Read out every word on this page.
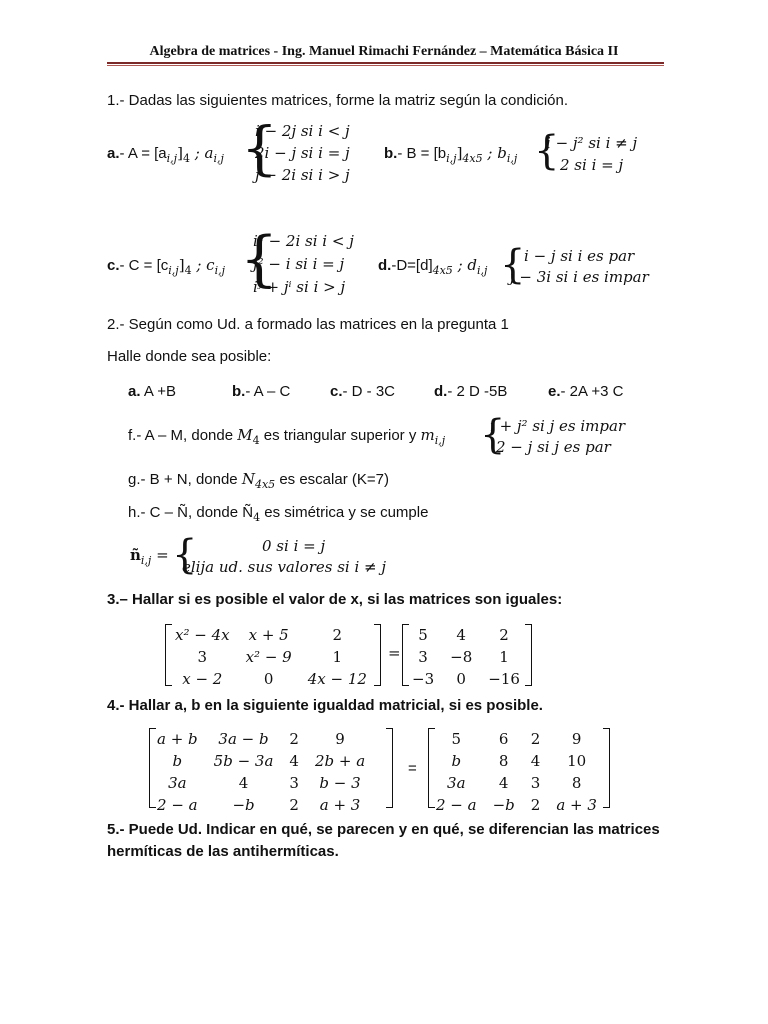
Algebra de matrices - Ing. Manuel Rimachi Fernández – Matemática Básica II
1.- Dadas las siguientes matrices, forme la matriz según la condición.
a.- $A = [a_{i,j}]_4$ ; $a_{i,j}$ {
i − 2j si i < j
2i − j si i = j
j − 2i si i > j
b.- $B = [b_{i,j}]_{4x5}$ ; $b_{i,j}$ {
i − j² si i ≠ j
2 si i = j
c.- $C = [c_{i,j}]_4$ ; $c_{i,j}$ {
i² − 2i si i < j
j² − i si i = j
iʲ + jⁱ si i > j
$d.-D=[d]_{4x5}$ ; $d_{i,j}$ {
i − j si i es par
j − 3i si i es impar
2.- Según como Ud. a formado las matrices en la pregunta 1
Halle donde sea posible:
a. A +B	b.- A – C	c.- D - 3C	d.- 2 D -5B	e.- 2A +3 C
f.- A – M, donde $M_4$ es triangular superior y $m_{i,j}$ {
i + j² si j es impar
2 − j si j es par
g.- B + N, donde $N_{4x5}$ es escalar (K=7)
h.- C – Ñ, donde $Ñ_4$ es simétrica y se cumple
$ñ_{i,j}$ = {	0 si i = j
elija ud. sus valores si i ≠ j
3.– Hallar si es posible el valor de x, si las matrices son iguales:
x² − 4x	x + 5	2
3	x² − 9	1
x − 2	0	4x − 12
=
5	4	2
3	−8	1
−3	0	−16
4.- Hallar a, b en la siguiente igualdad matricial, si es posible.
a + b	3a − b	2	9
b	5b − 3a	4	2b + a
3a	4	3	b − 3
2 − a	−b	2	a + 3
=
5	6	2	9
b	8	4	10
3a	4	3	8
2 − a	−b	2	a + 3
5.- Puede Ud. Indicar en qué, se parecen y en qué, se diferencian las matrices
hermíticas de las antihermíticas.
